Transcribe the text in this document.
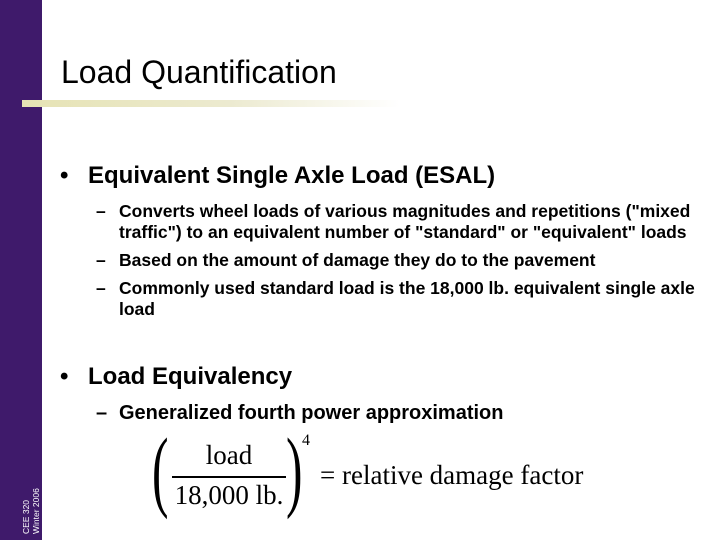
CEE 320 Winter 2006
Load Quantification
• Equivalent Single Axle Load (ESAL)
– Converts wheel loads of various magnitudes and repetitions ("mixed traffic") to an equivalent number of "standard" or "equivalent" loads
– Based on the amount of damage they do to the pavement
– Commonly used standard load is the 18,000 lb. equivalent single axle load
• Load Equivalency
– Generalized fourth power approximation
(	load
18,000 lb. ) 4
= relative damage factor
